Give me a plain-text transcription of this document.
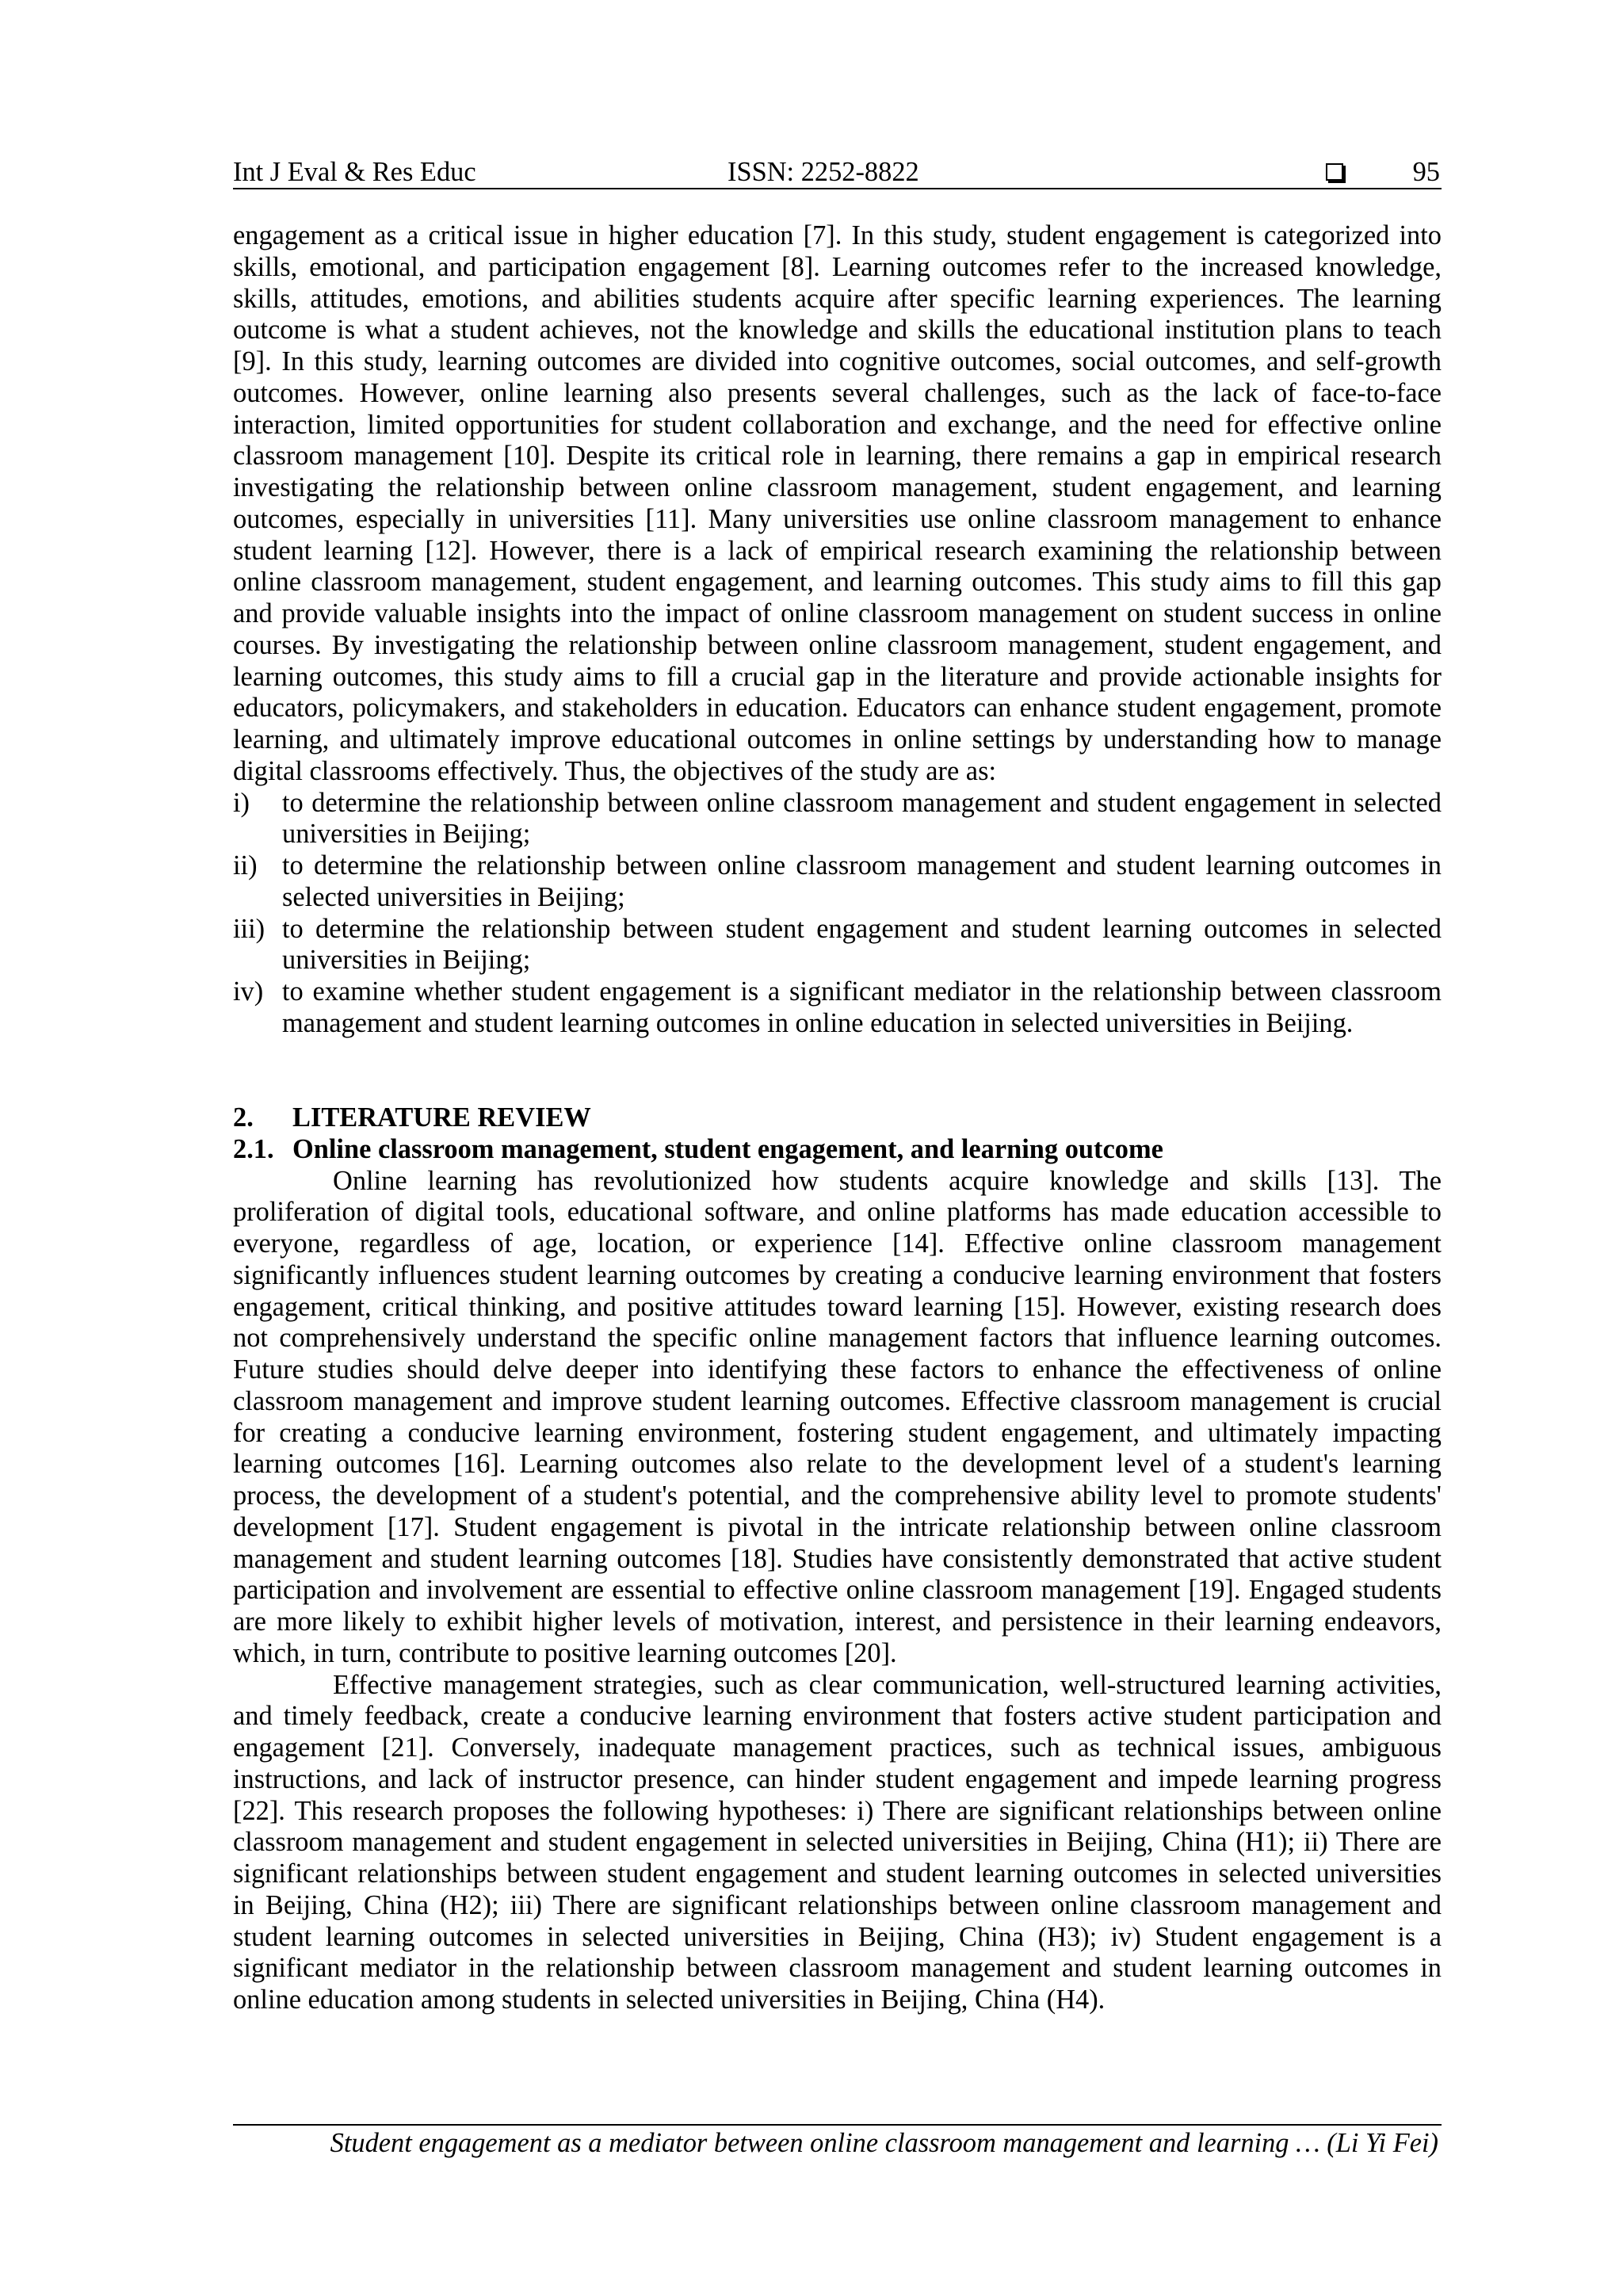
Int J Eval & Res Educ	ISSN: 2252-8822	95
engagement as a critical issue in higher education [7]. In this study, student engagement is categorized into
skills, emotional, and participation engagement [8]. Learning outcomes refer to the increased knowledge,
skills, attitudes, emotions, and abilities students acquire after specific learning experiences. The learning
outcome is what a student achieves, not the knowledge and skills the educational institution plans to teach
[9]. In this study, learning outcomes are divided into cognitive outcomes, social outcomes, and self-growth
outcomes. However, online learning also presents several challenges, such as the lack of face-to-face
interaction, limited opportunities for student collaboration and exchange, and the need for effective online
classroom management [10]. Despite its critical role in learning, there remains a gap in empirical research
investigating the relationship between online classroom management, student engagement, and learning
outcomes, especially in universities [11]. Many universities use online classroom management to enhance
student learning [12]. However, there is a lack of empirical research examining the relationship between
online classroom management, student engagement, and learning outcomes. This study aims to fill this gap
and provide valuable insights into the impact of online classroom management on student success in online
courses. By investigating the relationship between online classroom management, student engagement, and
learning outcomes, this study aims to fill a crucial gap in the literature and provide actionable insights for
educators, policymakers, and stakeholders in education. Educators can enhance student engagement, promote
learning, and ultimately improve educational outcomes in online settings by understanding how to manage
digital classrooms effectively. Thus, the objectives of the study are as:
i) to determine the relationship between online classroom management and student engagement in selected
universities in Beijing;
ii) to determine the relationship between online classroom management and student learning outcomes in
selected universities in Beijing;
iii) to determine the relationship between student engagement and student learning outcomes in selected
universities in Beijing;
iv) to examine whether student engagement is a significant mediator in the relationship between classroom
management and student learning outcomes in online education in selected universities in Beijing.
2. LITERATURE REVIEW
2.1. Online classroom management, student engagement, and learning outcome
Online learning has revolutionized how students acquire knowledge and skills [13]. The
proliferation of digital tools, educational software, and online platforms has made education accessible to
everyone, regardless of age, location, or experience [14]. Effective online classroom management
significantly influences student learning outcomes by creating a conducive learning environment that fosters
engagement, critical thinking, and positive attitudes toward learning [15]. However, existing research does
not comprehensively understand the specific online management factors that influence learning outcomes.
Future studies should delve deeper into identifying these factors to enhance the effectiveness of online
classroom management and improve student learning outcomes. Effective classroom management is crucial
for creating a conducive learning environment, fostering student engagement, and ultimately impacting
learning outcomes [16]. Learning outcomes also relate to the development level of a student's learning
process, the development of a student's potential, and the comprehensive ability level to promote students'
development [17]. Student engagement is pivotal in the intricate relationship between online classroom
management and student learning outcomes [18]. Studies have consistently demonstrated that active student
participation and involvement are essential to effective online classroom management [19]. Engaged students
are more likely to exhibit higher levels of motivation, interest, and persistence in their learning endeavors,
which, in turn, contribute to positive learning outcomes [20].
Effective management strategies, such as clear communication, well-structured learning activities,
and timely feedback, create a conducive learning environment that fosters active student participation and
engagement [21]. Conversely, inadequate management practices, such as technical issues, ambiguous
instructions, and lack of instructor presence, can hinder student engagement and impede learning progress
[22]. This research proposes the following hypotheses: i) There are significant relationships between online
classroom management and student engagement in selected universities in Beijing, China (H1); ii) There are
significant relationships between student engagement and student learning outcomes in selected universities
in Beijing, China (H2); iii) There are significant relationships between online classroom management and
student learning outcomes in selected universities in Beijing, China (H3); iv) Student engagement is a
significant mediator in the relationship between classroom management and student learning outcomes in
online education among students in selected universities in Beijing, China (H4).
Student engagement as a mediator between online classroom management and learning … (Li Yi Fei)
